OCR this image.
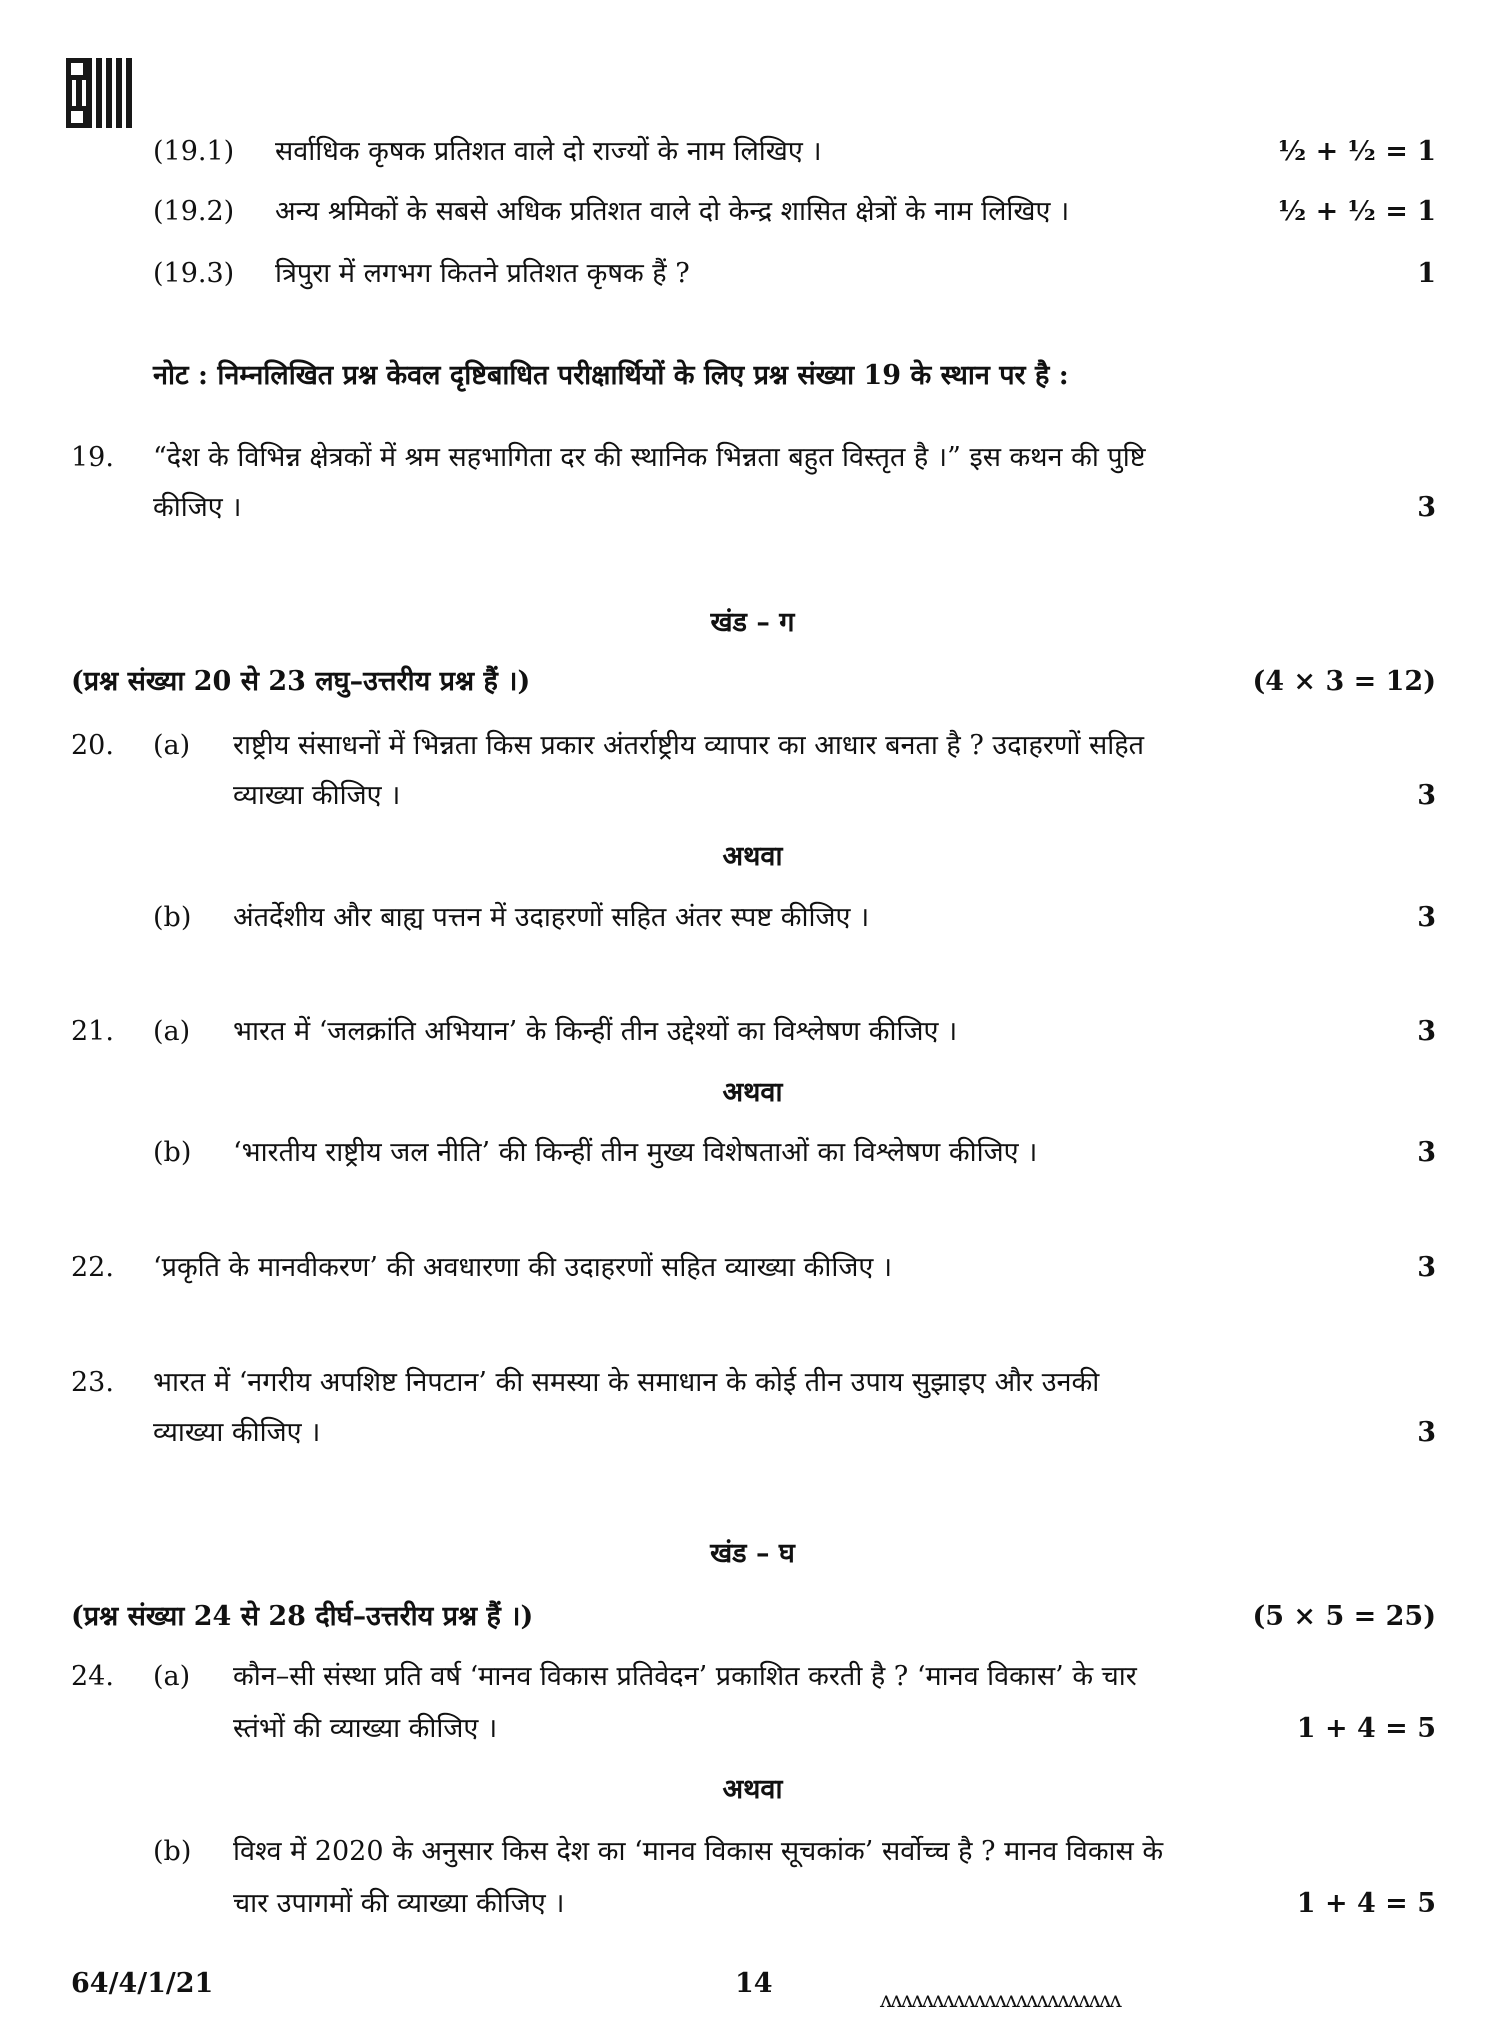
(19.1) सर्वाधिक कृषक प्रतिशत वाले दो राज्यों के नाम लिखिए ।	½ + ½ = 1
(19.2) अन्य श्रमिकों के सबसे अधिक प्रतिशत वाले दो केन्द्र शासित क्षेत्रों के नाम लिखिए ।	½ + ½ = 1
(19.3) त्रिपुरा में लगभग कितने प्रतिशत कृषक हैं ?	1
नोट : निम्नलिखित प्रश्न केवल दृष्टिबाधित परीक्षार्थियों के लिए प्रश्न संख्या 19 के स्थान पर है :
19. “देश के विभिन्न क्षेत्रकों में श्रम सहभागिता दर की स्थानिक भिन्नता बहुत विस्तृत है ।” इस कथन की पुष्टि
कीजिए ।	3
खंड – ग
(प्रश्न संख्या 20 से 23 लघु–उत्तरीय प्रश्न हैं ।)	(4 × 3 = 12)
20. (a) राष्ट्रीय संसाधनों में भिन्नता किस प्रकार अंतर्राष्ट्रीय व्यापार का आधार बनता है ? उदाहरणों सहित
व्याख्या कीजिए ।	3
अथवा
(b) अंतर्देशीय और बाह्य पत्तन में उदाहरणों सहित अंतर स्पष्ट कीजिए ।	3
21. (a) भारत में ‘जलक्रांति अभियान’ के किन्हीं तीन उद्देश्यों का विश्लेषण कीजिए ।	3
अथवा
(b) ‘भारतीय राष्ट्रीय जल नीति’ की किन्हीं तीन मुख्य विशेषताओं का विश्लेषण कीजिए ।	3
22. ‘प्रकृति के मानवीकरण’ की अवधारणा की उदाहरणों सहित व्याख्या कीजिए ।	3
23. भारत में ‘नगरीय अपशिष्ट निपटान’ की समस्या के समाधान के कोई तीन उपाय सुझाइए और उनकी
व्याख्या कीजिए ।	3
खंड – घ
(प्रश्न संख्या 24 से 28 दीर्घ–उत्तरीय प्रश्न हैं ।)	(5 × 5 = 25)
24. (a) कौन–सी संस्था प्रति वर्ष ‘मानव विकास प्रतिवेदन’ प्रकाशित करती है ? ‘मानव विकास’ के चार
स्तंभों की व्याख्या कीजिए ।	1 + 4 = 5
अथवा
(b) विश्व में 2020 के अनुसार किस देश का ‘मानव विकास सूचकांक’ सर्वोच्च है ? मानव विकास के
चार उपागमों की व्याख्या कीजिए ।	1 + 4 = 5
64/4/1/21	14
ʌʌʌʌʌʌʌʌʌʌʌʌʌʌʌʌʌʌʌʌʌʌʌ
